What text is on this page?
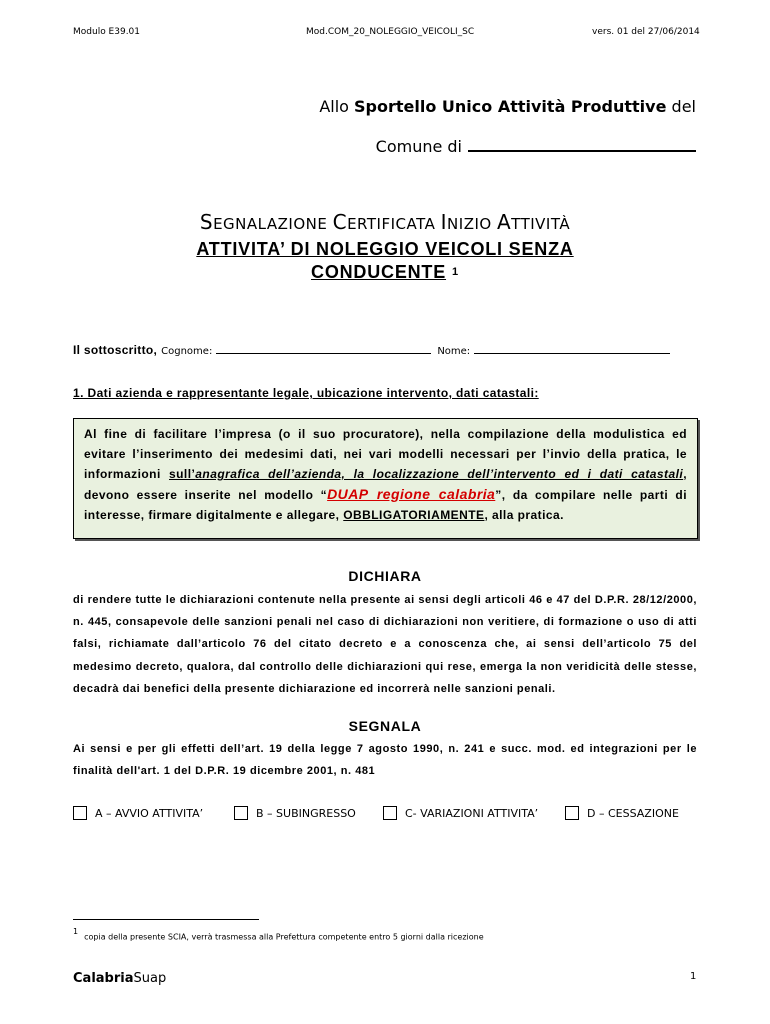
Modulo E39.01	Mod.COM_20_NOLEGGIO_VEICOLI_SC	vers. 01 del 27/06/2014
Allo Sportello Unico Attività Produttive del
Comune di
SEGNALAZIONE CERTIFICATA INIZIO ATTIVITÀ
ATTIVITA’ DI NOLEGGIO VEICOLI SENZA
CONDUCENTE $^1$
Il sottoscritto, Cognome:	Nome:
1. Dati azienda e rappresentante legale, ubicazione intervento, dati catastali:
Al fine di facilitare l’impresa (o il suo procuratore), nella compilazione della modulistica ed evitare l’inserimento dei medesimi dati, nei vari modelli necessari per l’invio della pratica, le informazioni sull’anagrafica dell’azienda, la localizzazione dell’intervento ed i dati catastali, devono essere inserite nel modello “DUAP_regione_calabria”, da compilare nelle parti di interesse, firmare digitalmente e allegare, OBBLIGATORIAMENTE, alla pratica.
DICHIARA
di rendere tutte le dichiarazioni contenute nella presente ai sensi degli articoli 46 e 47 del D.P.R. 28/12/2000, n. 445, consapevole delle sanzioni penali nel caso di dichiarazioni non veritiere, di formazione o uso di atti falsi, richiamate dall’articolo 76 del citato decreto e a conoscenza che, ai sensi dell’articolo 75 del medesimo decreto, qualora, dal controllo delle dichiarazioni qui rese, emerga la non veridicità delle stesse, decadrà dai benefici della presente dichiarazione ed incorrerà nelle sanzioni penali.
SEGNALA
Ai sensi e per gli effetti dell’art. 19 della legge 7 agosto 1990, n. 241 e succ. mod. ed integrazioni per le finalità dell'art. 1 del D.P.R. 19 dicembre 2001, n. 481
A – AVVIO ATTIVITA’	B – SUBINGRESSO	C- VARIAZIONI ATTIVITA’	D – CESSAZIONE
$^1$copia della presente SCIA, verrà trasmessa alla Prefettura competente entro 5 giorni dalla ricezione
CalabriaSuap	1
